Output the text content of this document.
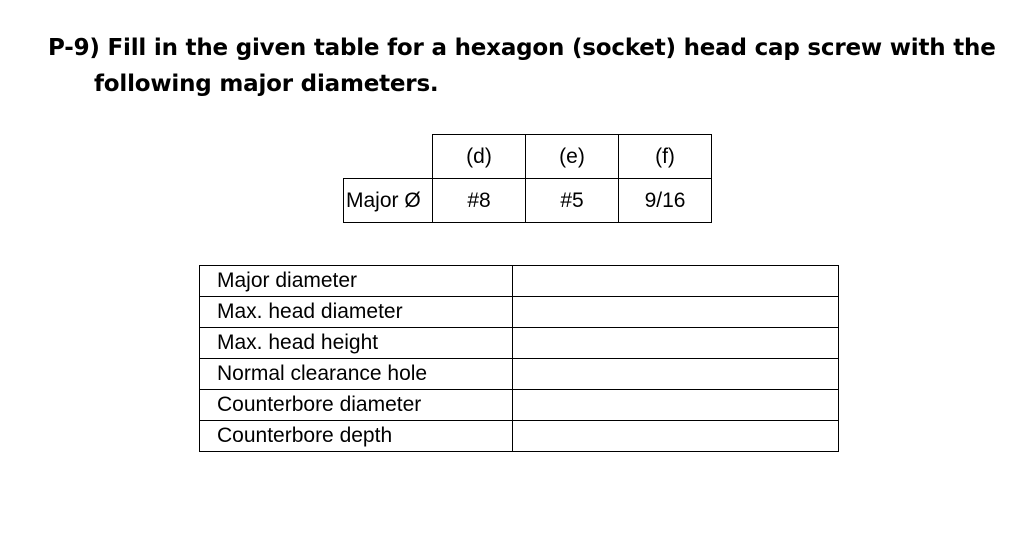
P-9) Fill in the given table for a hexagon (socket) head cap screw with the
following major diameters.
	(d)	(e)	(f)
Major Ø	#8	#5	9/16
Major diameter	
Max. head diameter	
Max. head height	
Normal clearance hole	
Counterbore diameter	
Counterbore depth	
